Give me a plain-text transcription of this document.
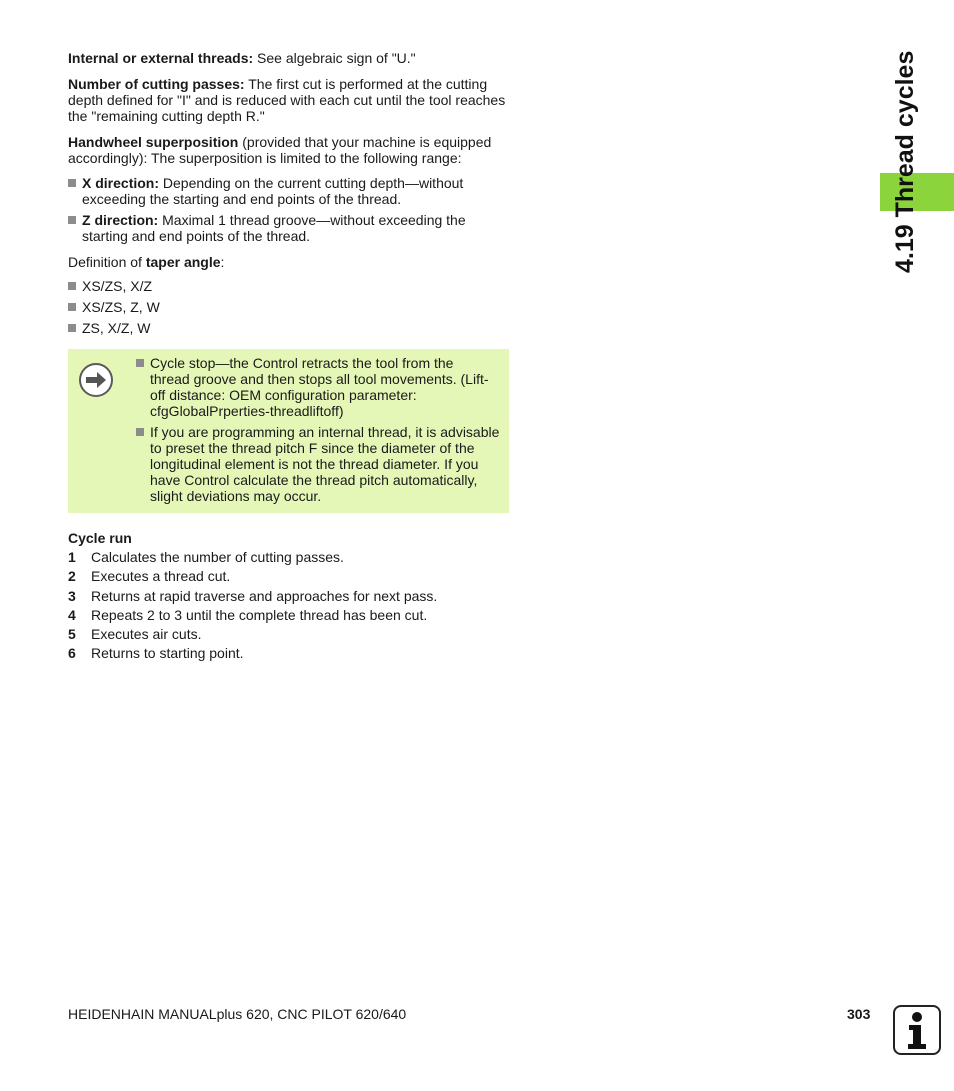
Internal or external threads: See algebraic sign of "U."

Number of cutting passes: The first cut is performed at the cutting

depth defined for "I" and is reduced with each cut until the tool reaches

the "remaining cutting depth R."

Handwheel superposition (provided that your machine is equipped

accordingly): The superposition is limited to the following range:

X direction: Depending on the current cutting depth—without

exceeding the starting and end points of the thread.

Z direction: Maximal 1 thread groove—without exceeding the

starting and end points of the thread.

Definition of taper angle:

XS/ZS, X/Z

XS/ZS, Z, W

ZS, X/Z, W

Cycle stop—the Control retracts the tool from the

thread groove and then stops all tool movements. (Lift-

off distance: OEM configuration parameter:

cfgGlobalPrperties-threadliftoff)

If you are programming an internal thread, it is advisable

to preset the thread pitch F since the diameter of the

longitudinal element is not the thread diameter. If you

have Control calculate the thread pitch automatically,

slight deviations may occur.

Cycle run

1	Calculates the number of cutting passes.
2	Executes a thread cut.
3	Returns at rapid traverse and approaches for next pass.
4	Repeats 2 to 3 until the complete thread has been cut.
5	Executes air cuts.
6	Returns to starting point.
4.19 Thread cycles
HEIDENHAIN MANUALplus 620, CNC PILOT 620/640	303
